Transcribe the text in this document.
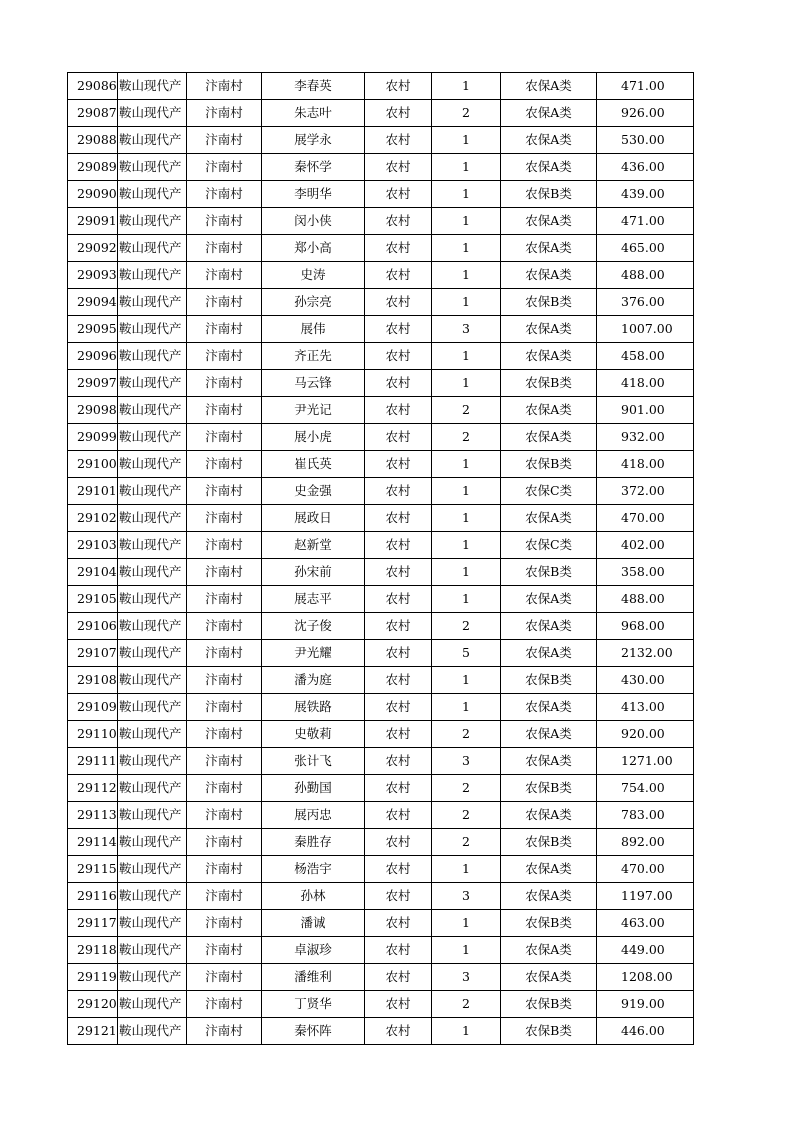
29086	鞍山现代产	汴南村	李春英	农村	1	农保A类	471.00
29087	鞍山现代产	汴南村	朱志叶	农村	2	农保A类	926.00
29088	鞍山现代产	汴南村	展学永	农村	1	农保A类	530.00
29089	鞍山现代产	汴南村	秦怀学	农村	1	农保A类	436.00
29090	鞍山现代产	汴南村	李明华	农村	1	农保B类	439.00
29091	鞍山现代产	汴南村	闵小侠	农村	1	农保A类	471.00
29092	鞍山现代产	汴南村	郑小高	农村	1	农保A类	465.00
29093	鞍山现代产	汴南村	史涛	农村	1	农保A类	488.00
29094	鞍山现代产	汴南村	孙宗亮	农村	1	农保B类	376.00
29095	鞍山现代产	汴南村	展伟	农村	3	农保A类	1007.00
29096	鞍山现代产	汴南村	齐正先	农村	1	农保A类	458.00
29097	鞍山现代产	汴南村	马云锋	农村	1	农保B类	418.00
29098	鞍山现代产	汴南村	尹光记	农村	2	农保A类	901.00
29099	鞍山现代产	汴南村	展小虎	农村	2	农保A类	932.00
29100	鞍山现代产	汴南村	崔氏英	农村	1	农保B类	418.00
29101	鞍山现代产	汴南村	史金强	农村	1	农保C类	372.00
29102	鞍山现代产	汴南村	展政日	农村	1	农保A类	470.00
29103	鞍山现代产	汴南村	赵新堂	农村	1	农保C类	402.00
29104	鞍山现代产	汴南村	孙宋前	农村	1	农保B类	358.00
29105	鞍山现代产	汴南村	展志平	农村	1	农保A类	488.00
29106	鞍山现代产	汴南村	沈子俊	农村	2	农保A类	968.00
29107	鞍山现代产	汴南村	尹光耀	农村	5	农保A类	2132.00
29108	鞍山现代产	汴南村	潘为庭	农村	1	农保B类	430.00
29109	鞍山现代产	汴南村	展铁路	农村	1	农保A类	413.00
29110	鞍山现代产	汴南村	史敬莉	农村	2	农保A类	920.00
29111	鞍山现代产	汴南村	张计飞	农村	3	农保A类	1271.00
29112	鞍山现代产	汴南村	孙勤国	农村	2	农保B类	754.00
29113	鞍山现代产	汴南村	展丙忠	农村	2	农保A类	783.00
29114	鞍山现代产	汴南村	秦胜存	农村	2	农保B类	892.00
29115	鞍山现代产	汴南村	杨浩宇	农村	1	农保A类	470.00
29116	鞍山现代产	汴南村	孙林	农村	3	农保A类	1197.00
29117	鞍山现代产	汴南村	潘诚	农村	1	农保B类	463.00
29118	鞍山现代产	汴南村	卓淑珍	农村	1	农保A类	449.00
29119	鞍山现代产	汴南村	潘维利	农村	3	农保A类	1208.00
29120	鞍山现代产	汴南村	丁贤华	农村	2	农保B类	919.00
29121	鞍山现代产	汴南村	秦怀阵	农村	1	农保B类	446.00
